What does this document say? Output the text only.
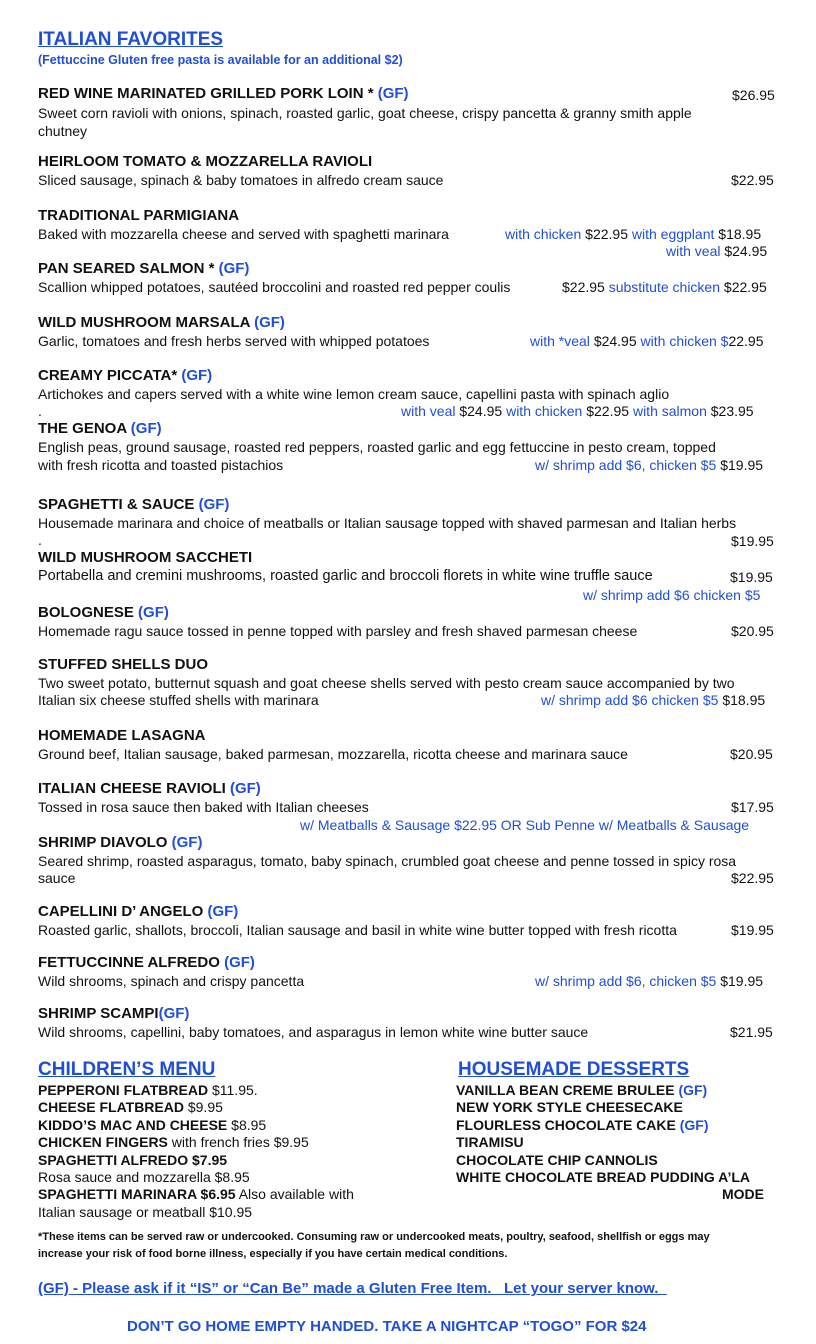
ITALIAN FAVORITES
(Fettuccine Gluten free pasta is available for an additional $2)
RED WINE MARINATED GRILLED PORK LOIN * (GF)	$26.95
Sweet corn ravioli with onions, spinach, roasted garlic, goat cheese, crispy pancetta & granny smith apple chutney
HEIRLOOM TOMATO & MOZZARELLA RAVIOLI
Sliced sausage, spinach & baby tomatoes in alfredo cream sauce	$22.95
TRADITIONAL PARMIGIANA
Baked with mozzarella cheese and served with spaghetti marinara	with chicken $22.95 with eggplant $18.95
with veal $24.95
PAN SEARED SALMON * (GF)
Scallion whipped potatoes, sautéed broccolini and roasted red pepper coulis	$22.95 substitute chicken $22.95
WILD MUSHROOM MARSALA (GF)
Garlic, tomatoes and fresh herbs served with whipped potatoes	with *veal $24.95 with chicken $22.95
CREAMY PICCATA* (GF)
Artichokes and capers served with a white wine lemon cream sauce, capellini pasta with spinach aglio
.	with veal $24.95 with chicken $22.95 with salmon $23.95
THE GENOA (GF)
English peas, ground sausage, roasted red peppers, roasted garlic and egg fettuccine in pesto cream, topped
with fresh ricotta and toasted pistachios	w/ shrimp add $6, chicken $5 $19.95
SPAGHETTI & SAUCE (GF)
Housemade marinara and choice of meatballs or Italian sausage topped with shaved parmesan and Italian herbs
.	$19.95
WILD MUSHROOM SACCHETI
Portabella and cremini mushrooms, roasted garlic and broccoli florets in white wine truffle sauce	$19.95
w/ shrimp add $6 chicken $5
BOLOGNESE (GF)
Homemade ragu sauce tossed in penne topped with parsley and fresh shaved parmesan cheese	$20.95
STUFFED SHELLS DUO
Two sweet potato, butternut squash and goat cheese shells served with pesto cream sauce accompanied by two
Italian six cheese stuffed shells with marinara	w/ shrimp add $6 chicken $5 $18.95
HOMEMADE LASAGNA
Ground beef, Italian sausage, baked parmesan, mozzarella, ricotta cheese and marinara sauce	$20.95
ITALIAN CHEESE RAVIOLI (GF)
Tossed in rosa sauce then baked with Italian cheeses	$17.95
w/ Meatballs & Sausage $22.95 OR Sub Penne w/ Meatballs & Sausage
SHRIMP DIAVOLO (GF)
Seared shrimp, roasted asparagus, tomato, baby spinach, crumbled goat cheese and penne tossed in spicy rosa
sauce	$22.95
CAPELLINI D’ ANGELO (GF)
Roasted garlic, shallots, broccoli, Italian sausage and basil in white wine butter topped with fresh ricotta	$19.95
FETTUCCINNE ALFREDO (GF)
Wild shrooms, spinach and crispy pancetta	w/ shrimp add $6, chicken $5 $19.95
SHRIMP SCAMPI(GF)
Wild shrooms, capellini, baby tomatoes, and asparagus in lemon white wine butter sauce	$21.95
CHILDREN’S MENU
PEPPERONI FLATBREAD $11.95.
CHEESE FLATBREAD $9.95
KIDDO’S MAC AND CHEESE $8.95
CHICKEN FINGERS with french fries $9.95
SPAGHETTI ALFREDO $7.95
Rosa sauce and mozzarella $8.95
SPAGHETTI MARINARA $6.95 Also available with
Italian sausage or meatball $10.95
HOUSEMADE DESSERTS
VANILLA BEAN CREME BRULEE (GF)
NEW YORK STYLE CHEESECAKE
FLOURLESS CHOCOLATE CAKE (GF)
TIRAMISU
CHOCOLATE CHIP CANNOLIS
WHITE CHOCOLATE BREAD PUDDING A’LA
MODE
*These items can be served raw or undercooked. Consuming raw or undercooked meats, poultry, seafood, shellfish or eggs may
increase your risk of food borne illness, especially if you have certain medical conditions.
(GF) - Please ask if it “IS” or “Can Be” made a Gluten Free Item.   Let your server know.
DON’T GO HOME EMPTY HANDED. TAKE A NIGHTCAP “TOGO” FOR $24
